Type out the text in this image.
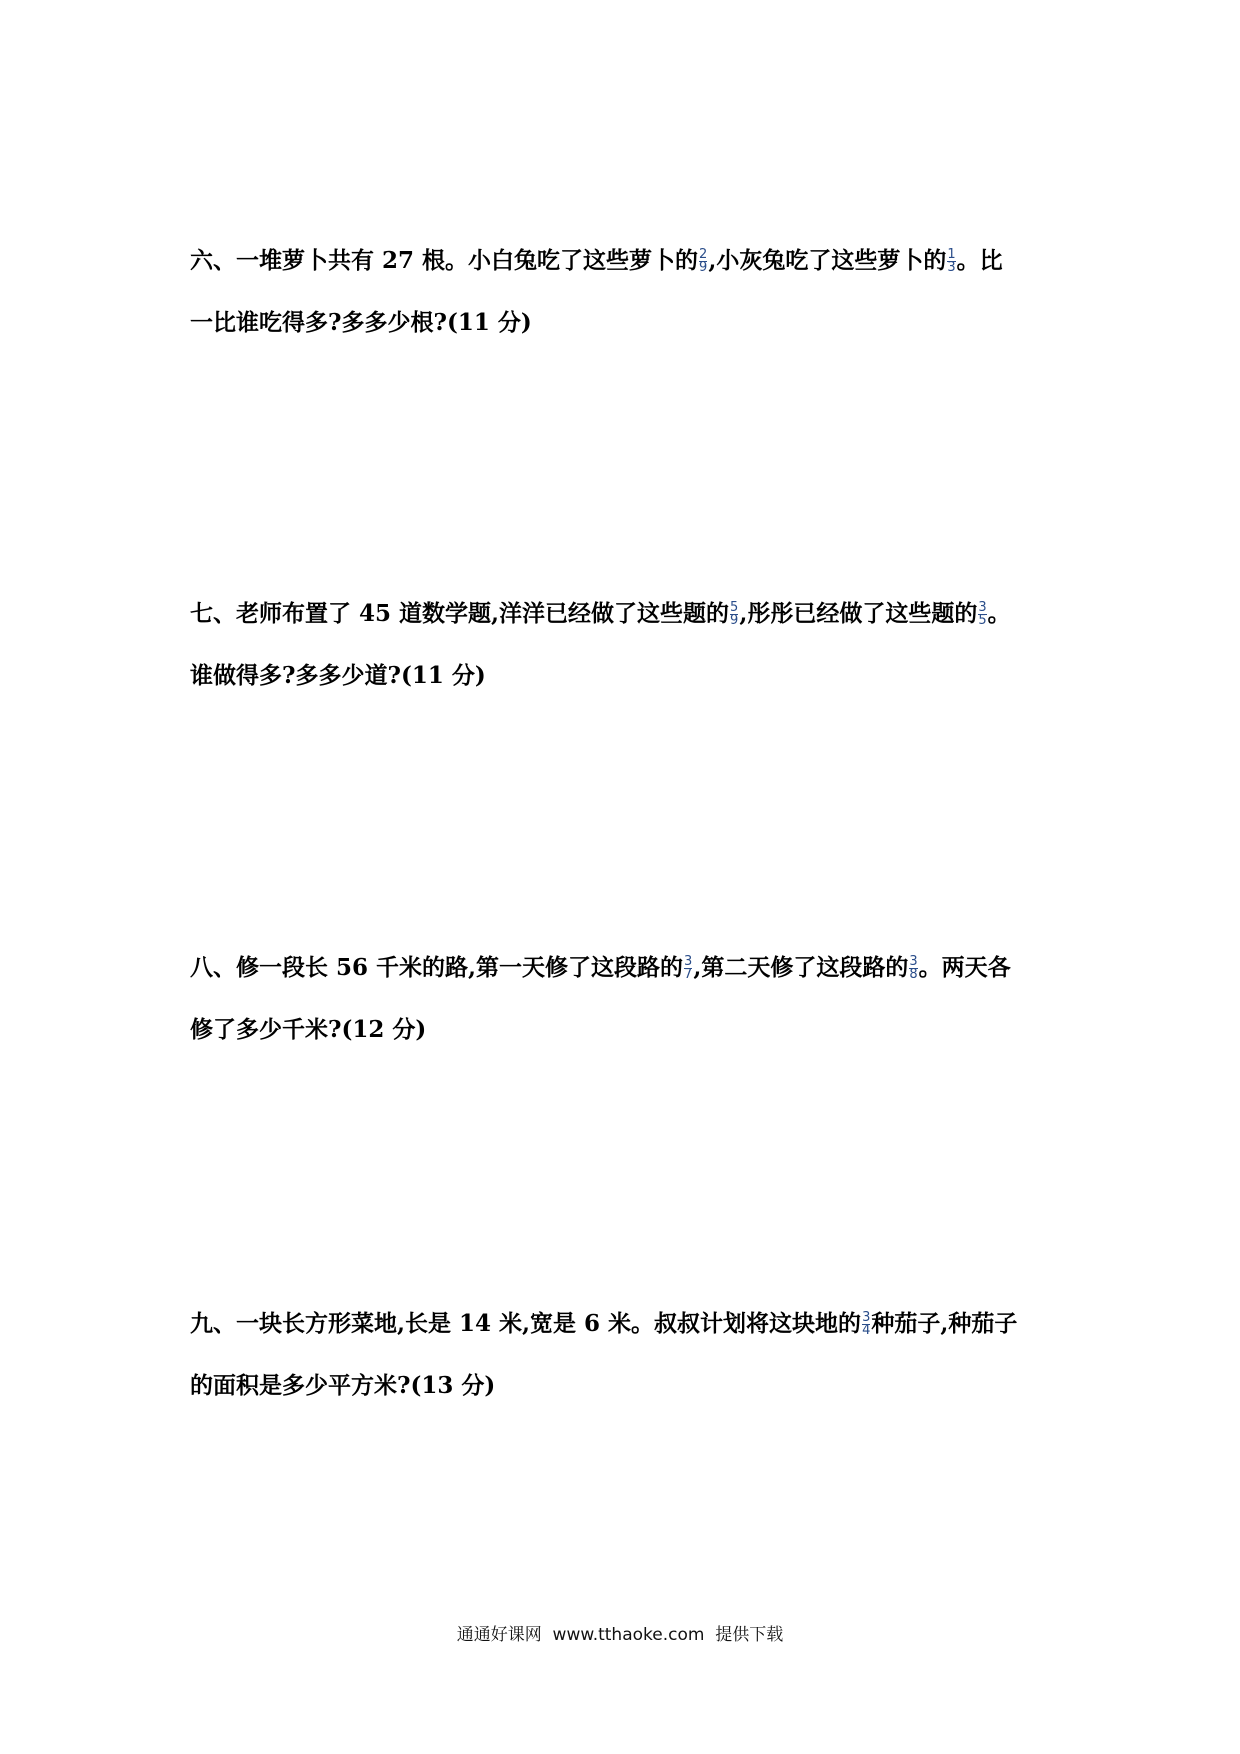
六、一堆萝卜共有 27 根。小白兔吃了这些萝卜的 $\frac{2}{9}$ ,小灰兔吃了这些萝卜的 $\frac{1}{3}$ 。比
一比谁吃得多?多多少根?(11 分)
七、老师布置了 45 道数学题,洋洋已经做了这些题的 $\frac{5}{9}$ ,彤彤已经做了这些题的 $\frac{3}{5}$ 。
谁做得多?多多少道?(11 分)
八、修一段长 56 千米的路,第一天修了这段路的 $\frac{3}{7}$ ,第二天修了这段路的 $\frac{3}{8}$ 。两天各
修了多少千米?(12 分)
九、一块长方形菜地,长是 14 米,宽是 6 米。叔叔计划将这块地的 $\frac{3}{4}$ 种茄子,种茄子
的面积是多少平方米?(13 分)
通通好课网  www.tthaoke.com  提供下载
